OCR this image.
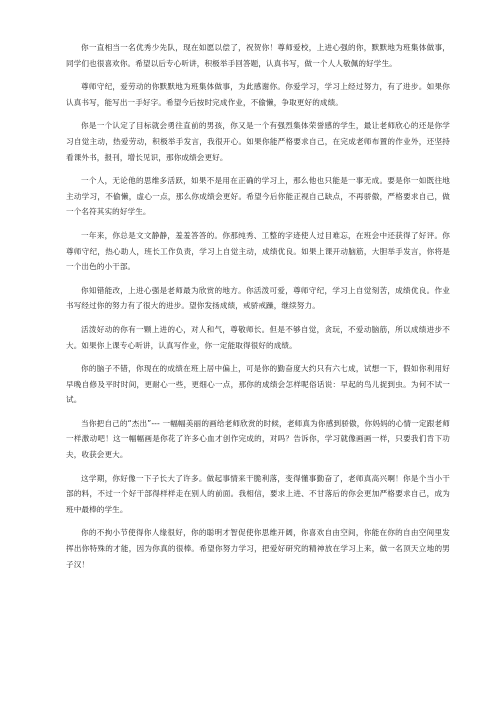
你一直相当一名优秀少先队，现在如愿以偿了，祝贺你！尊师爱校，上进心强的你，默默地为班集体做事，同学们也很喜欢你。希望以后专心听讲，积极举手回答题，认真书写，做一个人人敬佩的好学生。

尊师守纪，爱劳动的你默默地为班集体做事，为此感谢你。你爱学习，学习上经过努力，有了进步。如果你认真书写，能写出一手好字。希望今后按时完成作业，不偷懒，争取更好的成绩。

你是一个认定了目标就会勇往直前的男孩，你又是一个有强烈集体荣誉感的学生，最让老师欣心的还是你学习自觉主动，热爱劳动，积极举手发言，我很开心。如果你能严格要求自己，在完成老师布置的作业外，还坚持看课外书，报刊，增长见识，那你成绩会更好。

一个人，无论他的思维多活跃，如果不是用在正确的学习上，那么他也只能是一事无成。要是你一如既往地主动学习，不偷懒，虚心一点，那么你成绩会更好。希望今后你能正视自己缺点，不再骄傲，严格要求自己，做一个名符其实的好学生。

一年来，你总是文文静静，羞羞答答的。你那纯秀、工整的字迹使人过目难忘，在班会中还获得了好评。你尊师守纪，热心助人，班长工作负责，学习上自觉主动，成绩优良。如果上课开动脑筋，大胆举手发言，你将是一个出色的小干部。

你知错能改，上进心强是老师最为欣赏的地方。你活泼可爱，尊师守纪，学习上自觉刻苦，成绩优良。作业书写经过你的努力有了很大的进步。望你发扬成绩，戒骄戒躁，继续努力。

活泼好动的你有一颗上进的心，对人和气，尊敬师长。但是不够自觉，贪玩，不爱动脑筋，所以成绩进步不大。如果你上课专心听讲，认真写作业，你一定能取得很好的成绩。

你的脑子不错，你现在的成绩在班上居中偏上，可是你的勤奋度大约只有六七成，试想一下，假如你利用好早晚自修及平时时间，更耐心一些，更细心一点，那你的成绩会怎样呢俗话说：早起的鸟儿捉到虫。为何不试一试。

当你把自己的“杰出”--- 一幅幅美丽的画给老师欣赏的时候，老师真为你感到骄傲，你妈妈的心情一定跟老师一样激动吧！这一幅幅画是你花了许多心血才创作完成的，对吗？告诉你，学习就像画画一样，只要我们肯下功夫，收获会更大。

这学期，你好像一下子长大了许多。做起事情来干脆利落，变得懂事勤奋了，老师真高兴啊！你是个当小干部的料，不过一个好干部得样样走在别人的前面。我相信，要求上进、不甘落后的你会更加严格要求自己，成为班中最棒的学生。

你的不拘小节使得你人缘很好，你的聪明才智促使你思维开阔，你喜欢自由空间，你能在你的自由空间里发挥出你特殊的才能，因为你真的很棒。希望你努力学习，把爱好研究的精神放在学习上来，做一名顶天立地的男子汉！
